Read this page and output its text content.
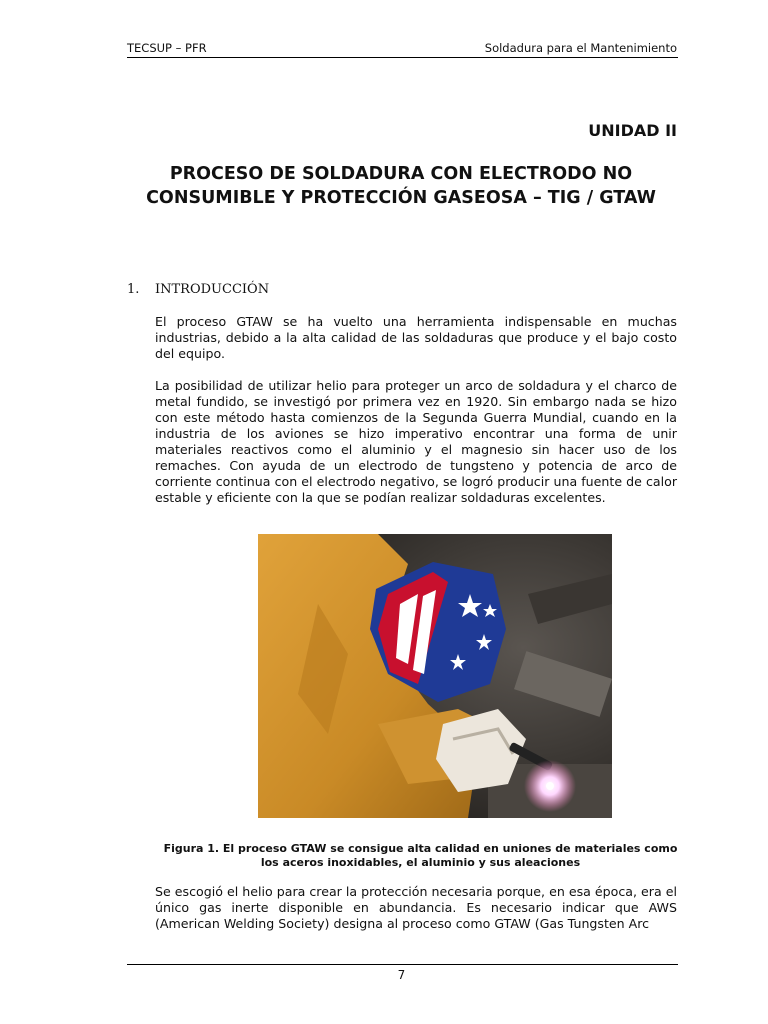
TECSUP – PFR	Soldadura para el Mantenimiento
UNIDAD II
PROCESO DE SOLDADURA CON ELECTRODO NO CONSUMIBLE Y PROTECCIÓN GASEOSA – TIG / GTAW
1. INTRODUCCIÓN

El proceso GTAW se ha vuelto una herramienta indispensable en muchas industrias, debido a la alta calidad de las soldaduras que produce y el bajo costo del equipo.

La posibilidad de utilizar helio para proteger un arco de soldadura y el charco de metal fundido, se investigó por primera vez en 1920. Sin embargo nada se hizo con este método hasta comienzos de la Segunda Guerra Mundial, cuando en la industria de los aviones se hizo imperativo encontrar una forma de unir materiales reactivos como el aluminio y el magnesio sin hacer uso de los remaches. Con ayuda de un electrodo de tungsteno y potencia de arco de corriente continua con el electrodo negativo, se logró producir una fuente de calor estable y eficiente con la que se podían realizar soldaduras excelentes.

Figura 1. El proceso GTAW se consigue alta calidad en uniones de materiales como los aceros inoxidables, el aluminio y sus aleaciones

Se escogió el helio para crear la protección necesaria porque, en esa época, era el único gas inerte disponible en abundancia. Es necesario indicar que AWS (American Welding Society) designa al proceso como GTAW (Gas Tungsten Arc

7
